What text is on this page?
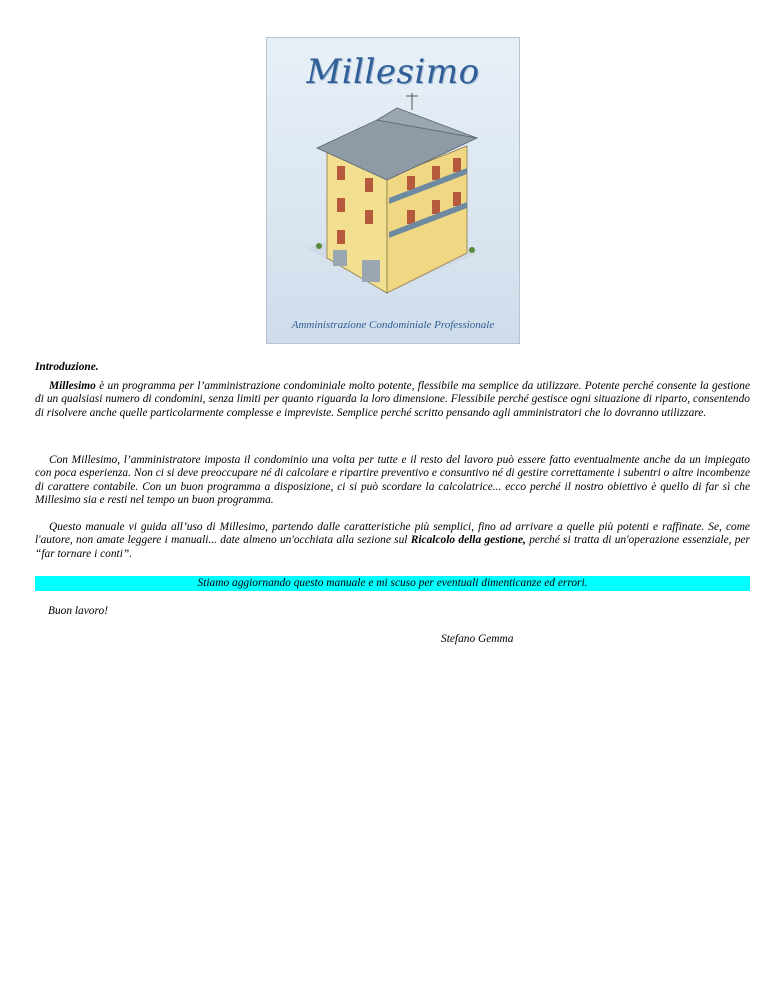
Millesimo
Amministrazione Condominiale Professionale
Introduzione.

Millesimo è un programma per l’amministrazione condominiale molto potente, flessibile ma semplice da utilizzare. Potente perché consente la gestione di un qualsiasi numero di condomini, senza limiti per quanto riguarda la loro dimensione. Flessibile perché gestisce ogni situazione di riparto, consentendo di risolvere anche quelle particolarmente complesse e impreviste. Semplice perché scritto pensando agli amministratori che lo dovranno utilizzare.

Con Millesimo, l’amministratore imposta il condominio una volta per tutte e il resto del lavoro può essere fatto eventualmente anche da un impiegato con poca esperienza. Non ci si deve preoccupare né di calcolare e ripartire preventivo e consuntivo né di gestire correttamente i subentri o altre incombenze di carattere contabile. Con un buon programma a disposizione, ci si può scordare la calcolatrice... ecco perché il nostro obiettivo è quello di far sì che Millesimo sia e resti nel tempo un buon programma.

Questo manuale vi guida all’uso di Millesimo, partendo dalle caratteristiche più semplici, fino ad arrivare a quelle più potenti e raffinate. Se, come l'autore, non amate leggere i manuali... date almeno un'occhiata alla sezione sul Ricalcolo della gestione, perché si tratta di un'operazione essenziale, per “far tornare i conti”.

Stiamo aggiornando questo manuale e mi scuso per eventuali dimenticanze ed errori.
Buon lavoro!
Stefano Gemma
